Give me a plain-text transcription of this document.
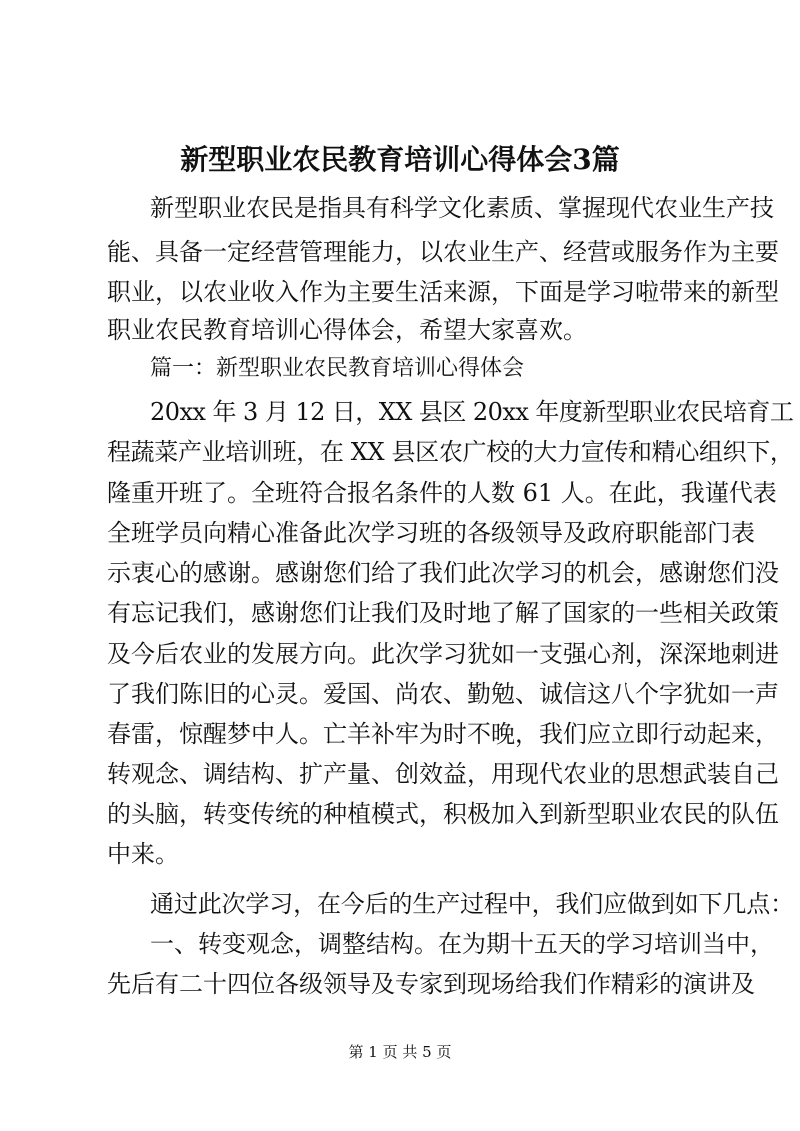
新型职业农民教育培训心得体会3篇
新型职业农民是指具有科学文化素质、掌握现代农业生产技
能、具备一定经营管理能力，以农业生产、经营或服务作为主要
职业，以农业收入作为主要生活来源，下面是学习啦带来的新型
职业农民教育培训心得体会，希望大家喜欢。
篇一：新型职业农民教育培训心得体会
20xx 年 3 月 12 日，XX 县区 20xx 年度新型职业农民培育工
程蔬菜产业培训班，在 XX 县区农广校的大力宣传和精心组织下，
隆重开班了。全班符合报名条件的人数 61 人。在此，我谨代表
全班学员向精心准备此次学习班的各级领导及政府职能部门表
示衷心的感谢。感谢您们给了我们此次学习的机会，感谢您们没
有忘记我们，感谢您们让我们及时地了解了国家的一些相关政策
及今后农业的发展方向。此次学习犹如一支强心剂，深深地刺进
了我们陈旧的心灵。爱国、尚农、勤勉、诚信这八个字犹如一声
春雷，惊醒梦中人。亡羊补牢为时不晚，我们应立即行动起来，
转观念、调结构、扩产量、创效益，用现代农业的思想武装自己
的头脑，转变传统的种植模式，积极加入到新型职业农民的队伍
中来。
通过此次学习，在今后的生产过程中，我们应做到如下几点：
一、转变观念，调整结构。在为期十五天的学习培训当中，
先后有二十四位各级领导及专家到现场给我们作精彩的演讲及
第 1 页 共 5 页
